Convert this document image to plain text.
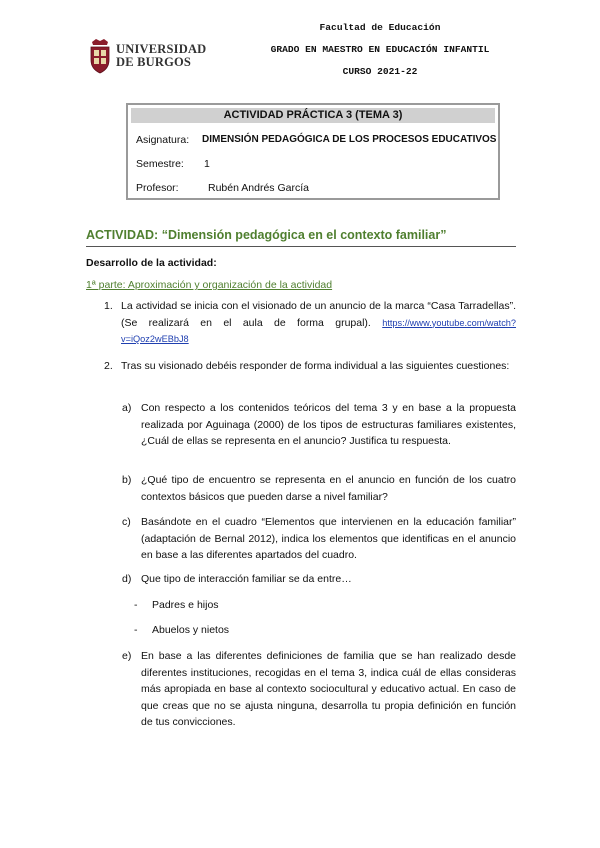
UNIVERSIDAD
DE BURGOS
Facultad de Educación
GRADO EN MAESTRO EN EDUCACIÓN INFANTIL
CURSO 2021-22
ACTIVIDAD PRÁCTICA 3 (TEMA 3)
Asignatura: DIMENSIÓN PEDAGÓGICA DE LOS PROCESOS EDUCATIVOS
Semestre: 1
Profesor:	Rubén Andrés García
ACTIVIDAD: “Dimensión pedagógica en el contexto familiar”
Desarrollo de la actividad:
1ª parte: Aproximación y organización de la actividad
1. La actividad se inicia con el visionado de un anuncio de la marca “Casa Tarradellas”. (Se realizará en el aula de forma grupal). https://www.youtube.com/watch?v=iQoz2wEBbJ8
2. Tras su visionado debéis responder de forma individual a las siguientes cuestiones:
a) Con respecto a los contenidos teóricos del tema 3 y en base a la propuesta realizada por Aguinaga (2000) de los tipos de estructuras familiares existentes, ¿Cuál de ellas se representa en el anuncio? Justifica tu respuesta.
b) ¿Qué tipo de encuentro se representa en el anuncio en función de los cuatro contextos básicos que pueden darse a nivel familiar?
c) Basándote en el cuadro “Elementos que intervienen en la educación familiar” (adaptación de Bernal 2012), indica los elementos que identificas en el anuncio en base a las diferentes apartados del cuadro.
d) Que tipo de interacción familiar se da entre…
- Padres e hijos
- Abuelos y nietos
e) En base a las diferentes definiciones de familia que se han realizado desde diferentes instituciones, recogidas en el tema 3, indica cuál de ellas consideras más apropiada en base al contexto sociocultural y educativo actual. En caso de que creas que no se ajusta ninguna, desarrolla tu propia definición en función de tus convicciones.
